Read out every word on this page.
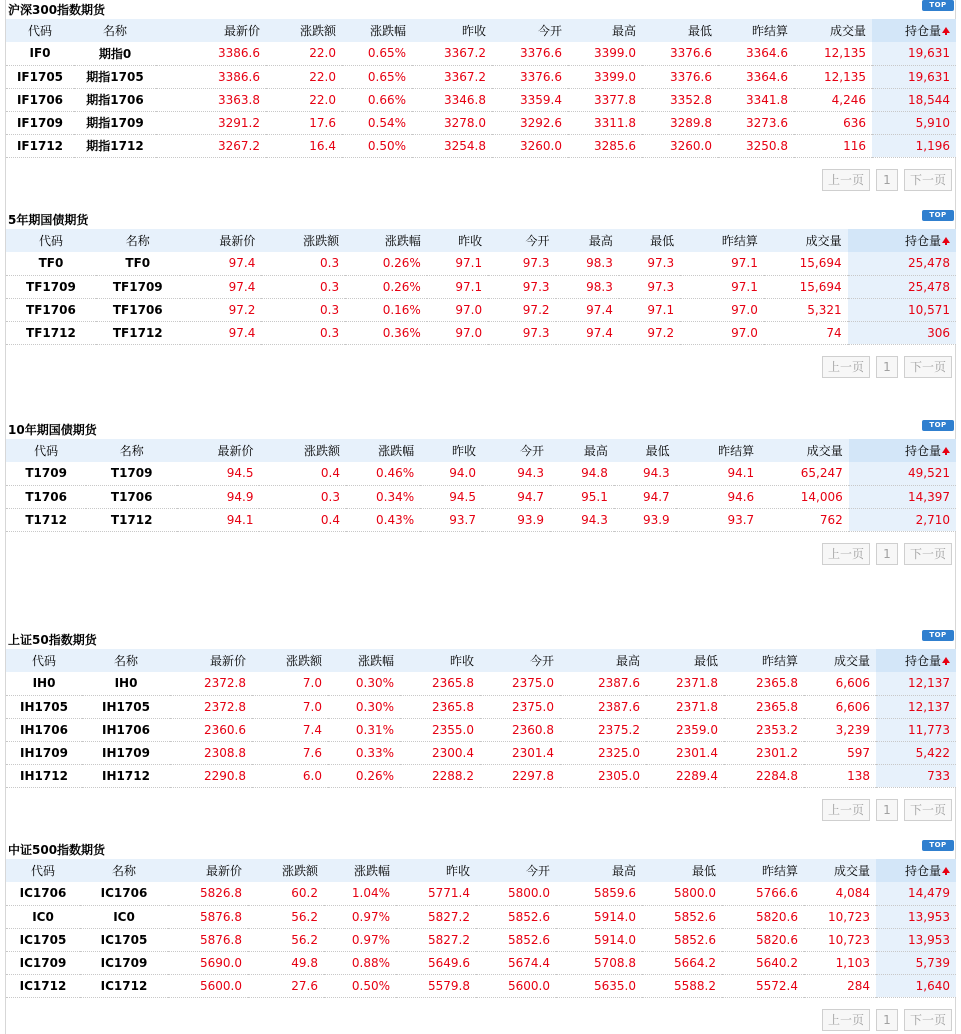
沪深300指数期货	TOP
代码	名称	最新价	涨跌额	涨跌幅	昨收	今开	最高	最低	昨结算	成交量	持仓量
IF0	期指0	3386.6	22.0	0.65%	3367.2	3376.6	3399.0	3376.6	3364.6	12,135	19,631
IF1705	期指1705	3386.6	22.0	0.65%	3367.2	3376.6	3399.0	3376.6	3364.6	12,135	19,631
IF1706	期指1706	3363.8	22.0	0.66%	3346.8	3359.4	3377.8	3352.8	3341.8	4,246	18,544
IF1709	期指1709	3291.2	17.6	0.54%	3278.0	3292.6	3311.8	3289.8	3273.6	636	5,910
IF1712	期指1712	3267.2	16.4	0.50%	3254.8	3260.0	3285.6	3260.0	3250.8	116	1,196
上一页	1	下一页
5年期国债期货	TOP
代码	名称	最新价	涨跌额	涨跌幅	昨收	今开	最高	最低	昨结算	成交量	持仓量
TF0	TF0	97.4	0.3	0.26%	97.1	97.3	98.3	97.3	97.1	15,694	25,478
TF1709	TF1709	97.4	0.3	0.26%	97.1	97.3	98.3	97.3	97.1	15,694	25,478
TF1706	TF1706	97.2	0.3	0.16%	97.0	97.2	97.4	97.1	97.0	5,321	10,571
TF1712	TF1712	97.4	0.3	0.36%	97.0	97.3	97.4	97.2	97.0	74	306
上一页	1	下一页
10年期国债期货	TOP
代码	名称	最新价	涨跌额	涨跌幅	昨收	今开	最高	最低	昨结算	成交量	持仓量
T1709	T1709	94.5	0.4	0.46%	94.0	94.3	94.8	94.3	94.1	65,247	49,521
T1706	T1706	94.9	0.3	0.34%	94.5	94.7	95.1	94.7	94.6	14,006	14,397
T1712	T1712	94.1	0.4	0.43%	93.7	93.9	94.3	93.9	93.7	762	2,710
上一页	1	下一页
上证50指数期货	TOP
代码	名称	最新价	涨跌额	涨跌幅	昨收	今开	最高	最低	昨结算	成交量	持仓量
IH0	IH0	2372.8	7.0	0.30%	2365.8	2375.0	2387.6	2371.8	2365.8	6,606	12,137
IH1705	IH1705	2372.8	7.0	0.30%	2365.8	2375.0	2387.6	2371.8	2365.8	6,606	12,137
IH1706	IH1706	2360.6	7.4	0.31%	2355.0	2360.8	2375.2	2359.0	2353.2	3,239	11,773
IH1709	IH1709	2308.8	7.6	0.33%	2300.4	2301.4	2325.0	2301.4	2301.2	597	5,422
IH1712	IH1712	2290.8	6.0	0.26%	2288.2	2297.8	2305.0	2289.4	2284.8	138	733
上一页	1	下一页
中证500指数期货	TOP
代码	名称	最新价	涨跌额	涨跌幅	昨收	今开	最高	最低	昨结算	成交量	持仓量
IC1706	IC1706	5826.8	60.2	1.04%	5771.4	5800.0	5859.6	5800.0	5766.6	4,084	14,479
IC0	IC0	5876.8	56.2	0.97%	5827.2	5852.6	5914.0	5852.6	5820.6	10,723	13,953
IC1705	IC1705	5876.8	56.2	0.97%	5827.2	5852.6	5914.0	5852.6	5820.6	10,723	13,953
IC1709	IC1709	5690.0	49.8	0.88%	5649.6	5674.4	5708.8	5664.2	5640.2	1,103	5,739
IC1712	IC1712	5600.0	27.6	0.50%	5579.8	5600.0	5635.0	5588.2	5572.4	284	1,640
上一页	1	下一页
